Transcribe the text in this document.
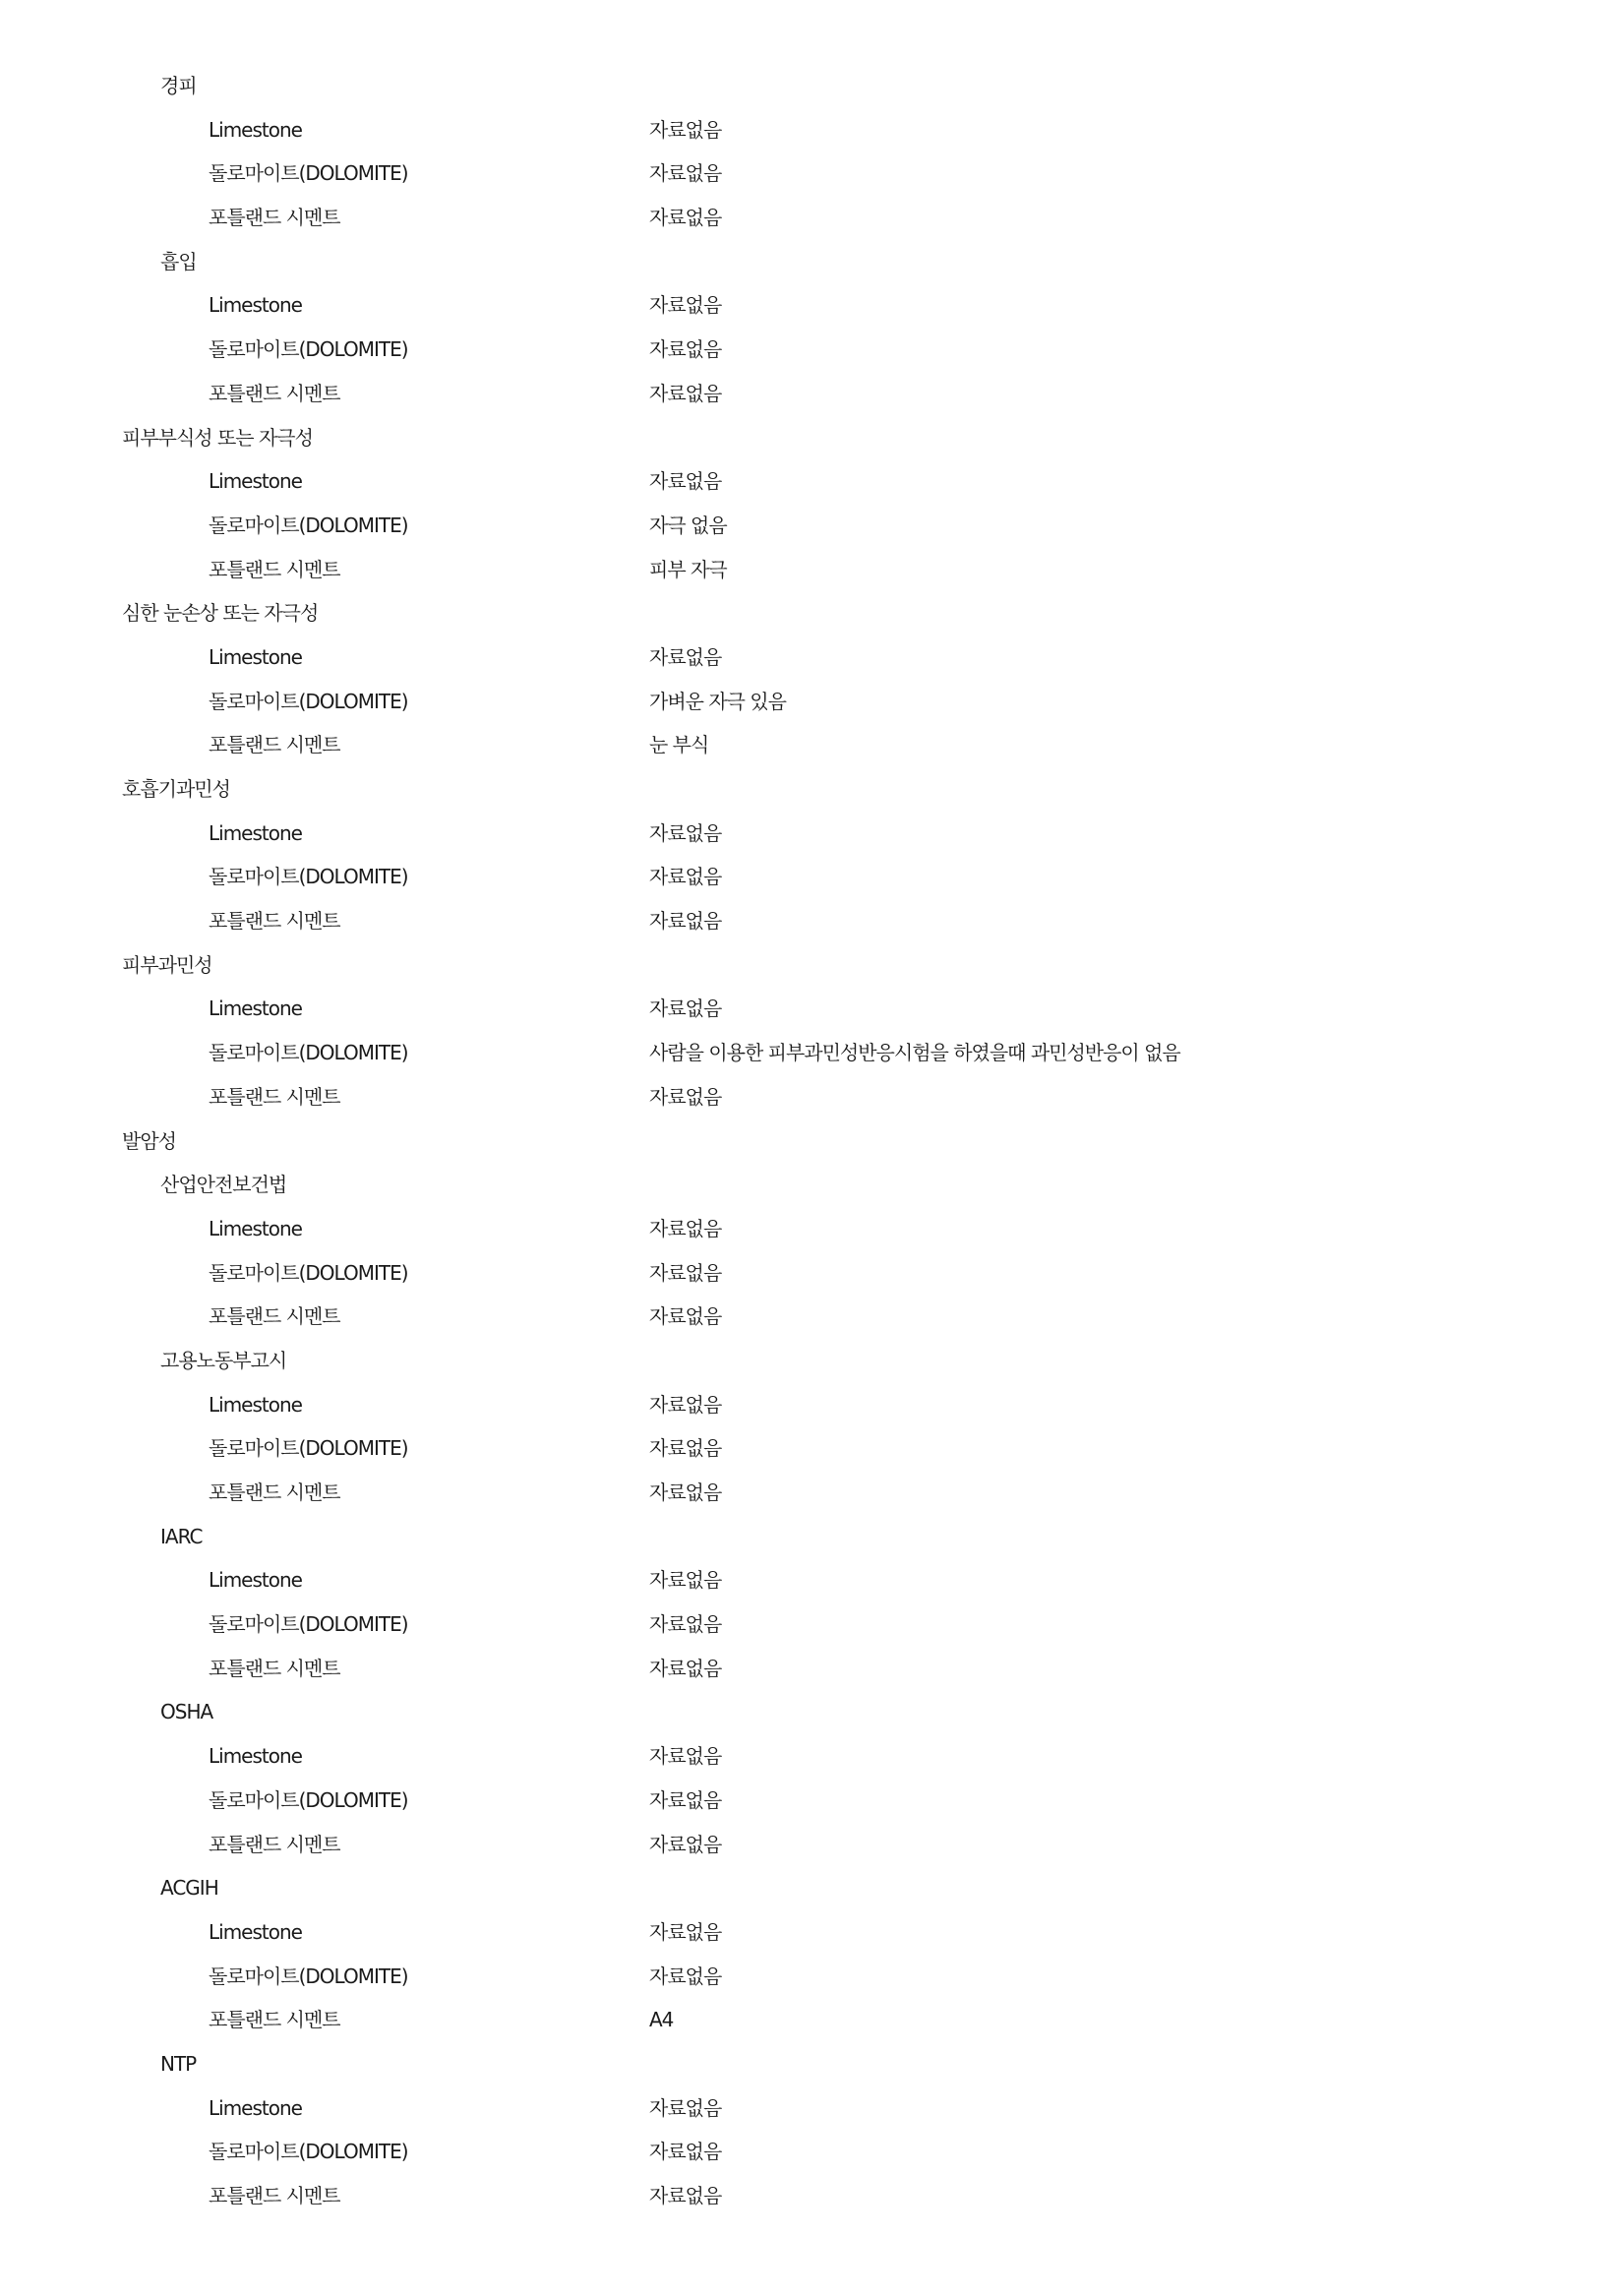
경피
Limestone	자료없음
돌로마이트(DOLOMITE)	자료없음
포틀랜드 시멘트	자료없음
흡입
Limestone	자료없음
돌로마이트(DOLOMITE)	자료없음
포틀랜드 시멘트	자료없음
피부부식성 또는 자극성
Limestone	자료없음
돌로마이트(DOLOMITE)	자극 없음
포틀랜드 시멘트	피부 자극
심한 눈손상 또는 자극성
Limestone	자료없음
돌로마이트(DOLOMITE)	가벼운 자극 있음
포틀랜드 시멘트	눈 부식
호흡기과민성
Limestone	자료없음
돌로마이트(DOLOMITE)	자료없음
포틀랜드 시멘트	자료없음
피부과민성
Limestone	자료없음
돌로마이트(DOLOMITE)	사람을 이용한 피부과민성반응시험을 하였을때 과민성반응이 없음
포틀랜드 시멘트	자료없음
발암성
산업안전보건법
Limestone	자료없음
돌로마이트(DOLOMITE)	자료없음
포틀랜드 시멘트	자료없음
고용노동부고시
Limestone	자료없음
돌로마이트(DOLOMITE)	자료없음
포틀랜드 시멘트	자료없음
IARC
Limestone	자료없음
돌로마이트(DOLOMITE)	자료없음
포틀랜드 시멘트	자료없음
OSHA
Limestone	자료없음
돌로마이트(DOLOMITE)	자료없음
포틀랜드 시멘트	자료없음
ACGIH
Limestone	자료없음
돌로마이트(DOLOMITE)	자료없음
포틀랜드 시멘트	A4
NTP
Limestone	자료없음
돌로마이트(DOLOMITE)	자료없음
포틀랜드 시멘트	자료없음
